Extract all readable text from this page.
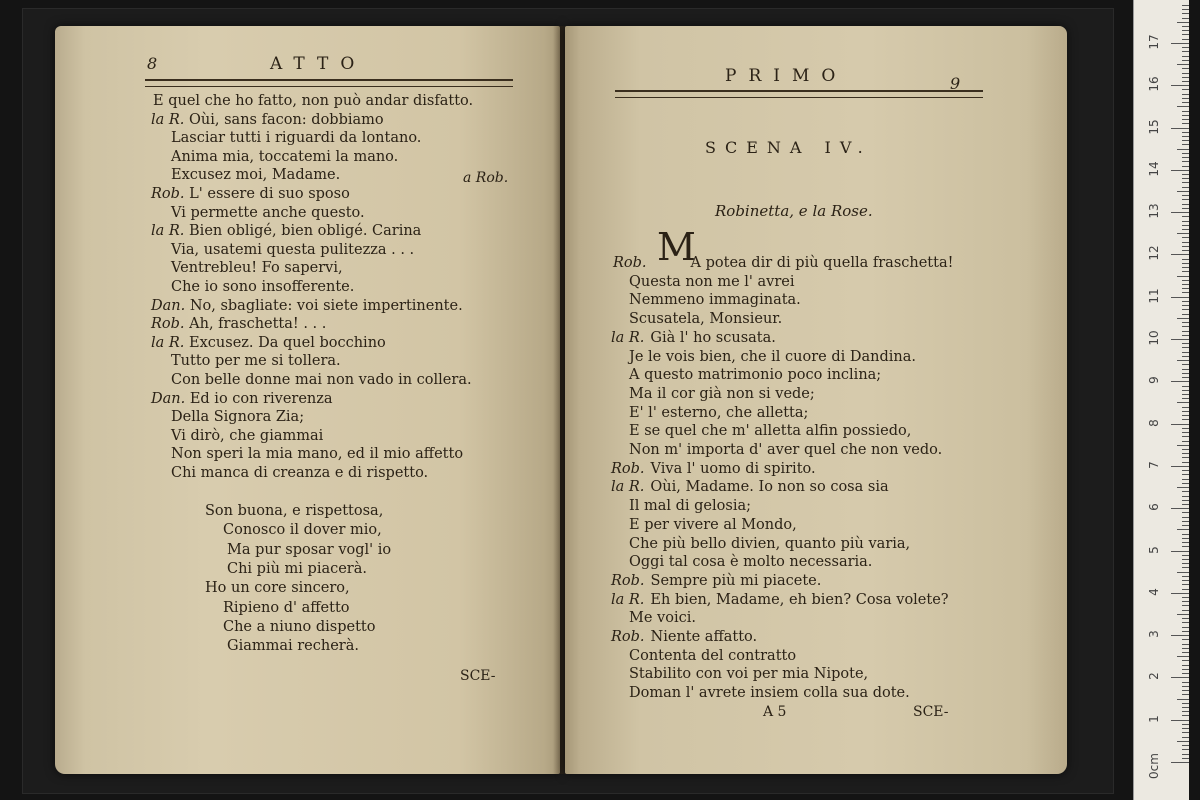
8	ATTO
E quel che ho fatto, non può andar disfatto.
la R. Oùi, sans facon: dobbiamo
Lasciar tutti i riguardi da lontano.
Anima mia, toccatemi la mano.
Excusez moi, Madame.
Rob. L' essere di suo sposo
Vi permette anche questo.
la R. Bien obligé, bien obligé. Carina
Via, usatemi questa pulitezza . . .
Ventrebleu! Fo sapervi,
Che io sono insofferente.
Dan. No, sbagliate: voi siete impertinente.
Rob. Ah, fraschetta! . . .
la R. Excusez. Da quel bocchino
Tutto per me si tollera.
Con belle donne mai non vado in collera.
Dan. Ed io con riverenza
Della Signora Zia;
Vi dirò, che giammai
Non speri la mia mano, ed il mio affetto
Chi manca di creanza e di rispetto.
a Rob.
Son buona, e rispettosa,
Conosco il dover mio,
Ma pur sposar vogl' io
Chi più mi piacerà.
Ho un core sincero,
Ripieno d' affetto
Che a niuno dispetto
Giammai recherà.
SCE-
PRIMO	9
SCENA IV.
Robinetta, e la Rose.
M
Rob.	A potea dir di più quella fraschetta!
Questa non me l' avrei
Nemmeno immaginata.
Scusatela, Monsieur.
la R. Già l' ho scusata.
Je le vois bien, che il cuore di Dandina.
A questo matrimonio poco inclina;
Ma il cor già non si vede;
E' l' esterno, che alletta;
E se quel che m' alletta alfin possiedo,
Non m' importa d' aver quel che non vedo.
Rob. Viva l' uomo di spirito.
la R. Oùi, Madame. Io non so cosa sia
Il mal di gelosia;
E per vivere al Mondo,
Che più bello divien, quanto più varia,
Oggi tal cosa è molto necessaria.
Rob. Sempre più mi piacete.
la R. Eh bien, Madame, eh bien? Cosa volete?
Me voici.
Rob. Niente affatto.
Contenta del contratto
Stabilito con voi per mia Nipote,
Doman l' avrete insiem colla sua dote.
A 5	SCE-
0cm
1
2
3
4
5
6
7
8
9
10
11
12
13
14
15
16
17
